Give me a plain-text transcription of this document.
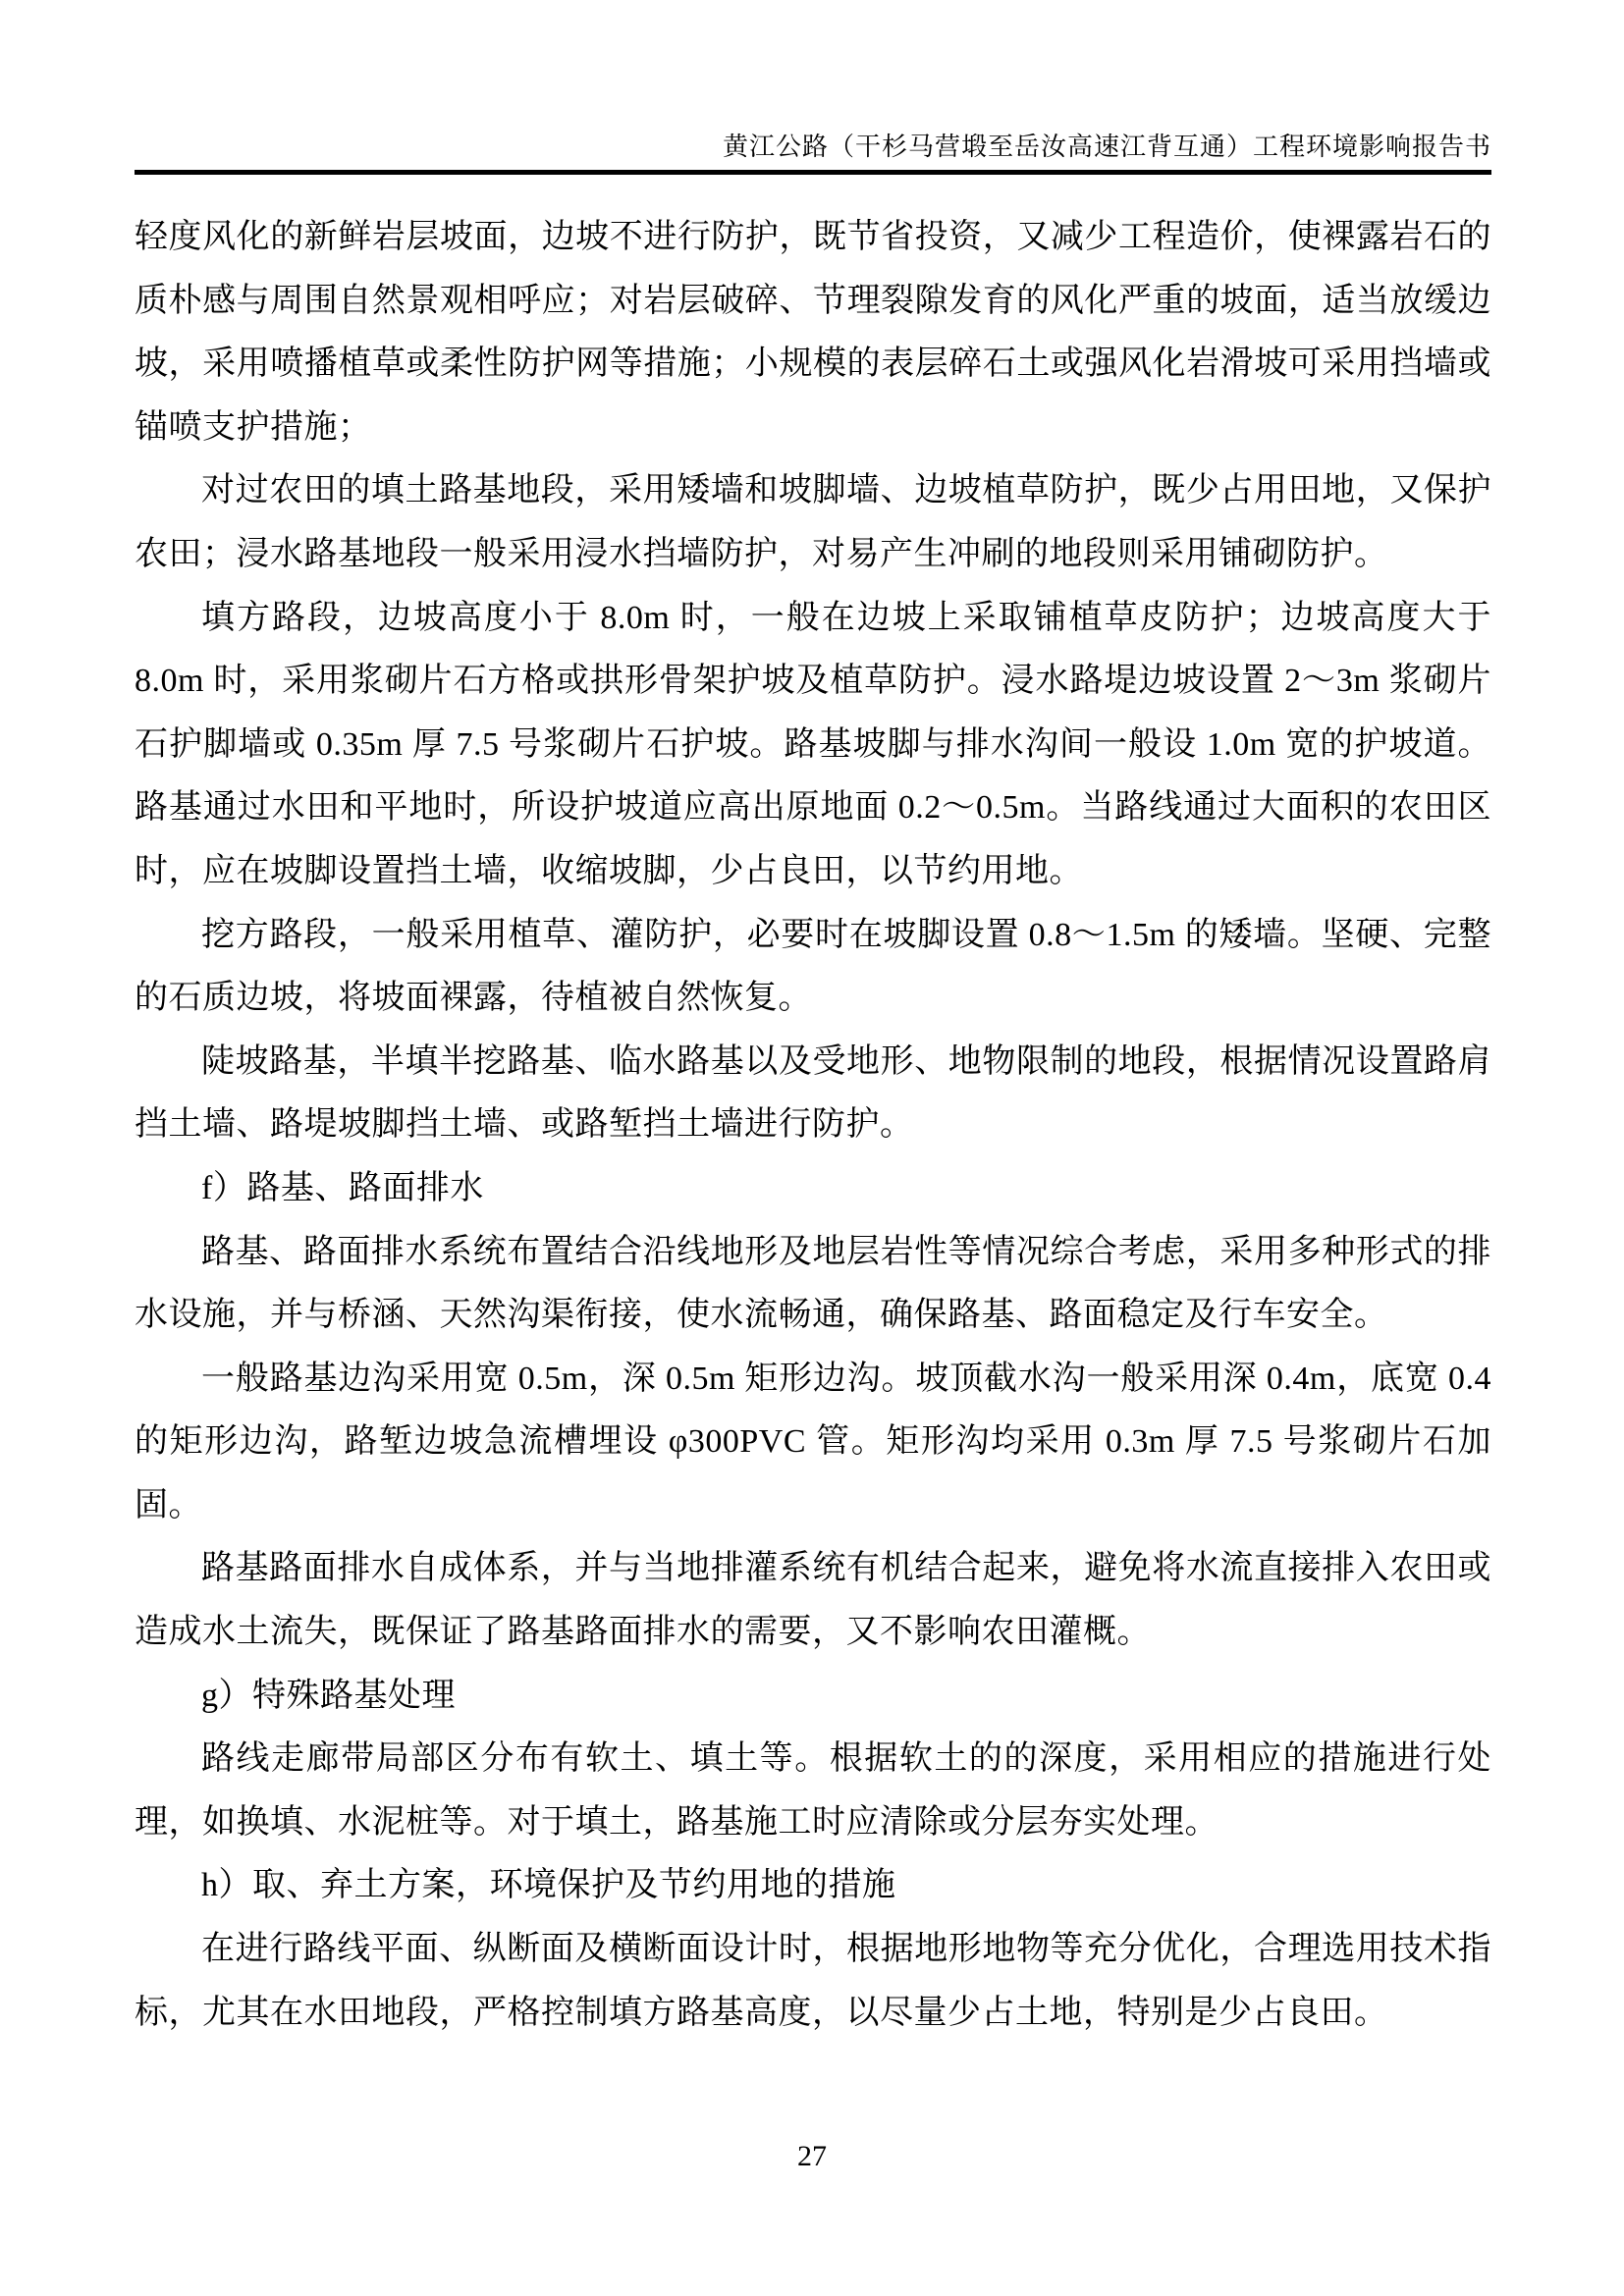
黄江公路（干杉马营塅至岳汝高速江背互通）工程环境影响报告书

轻度风化的新鲜岩层坡面，边坡不进行防护，既节省投资，又减少工程造价，使裸露岩石的质朴感与周围自然景观相呼应；对岩层破碎、节理裂隙发育的风化严重的坡面，适当放缓边坡，采用喷播植草或柔性防护网等措施；小规模的表层碎石土或强风化岩滑坡可采用挡墙或锚喷支护措施；

对过农田的填土路基地段，采用矮墙和坡脚墙、边坡植草防护，既少占用田地，又保护农田；浸水路基地段一般采用浸水挡墙防护，对易产生冲刷的地段则采用铺砌防护。

填方路段，边坡高度小于 8.0m 时，一般在边坡上采取铺植草皮防护；边坡高度大于 8.0m 时，采用浆砌片石方格或拱形骨架护坡及植草防护。浸水路堤边坡设置 2～3m 浆砌片石护脚墙或 0.35m 厚 7.5 号浆砌片石护坡。路基坡脚与排水沟间一般设 1.0m 宽的护坡道。路基通过水田和平地时，所设护坡道应高出原地面 0.2～0.5m。当路线通过大面积的农田区时，应在坡脚设置挡土墙，收缩坡脚，少占良田，以节约用地。

挖方路段，一般采用植草、灌防护，必要时在坡脚设置 0.8～1.5m 的矮墙。坚硬、完整的石质边坡，将坡面裸露，待植被自然恢复。

陡坡路基，半填半挖路基、临水路基以及受地形、地物限制的地段，根据情况设置路肩挡土墙、路堤坡脚挡土墙、或路堑挡土墙进行防护。

f）路基、路面排水

路基、路面排水系统布置结合沿线地形及地层岩性等情况综合考虑，采用多种形式的排水设施，并与桥涵、天然沟渠衔接，使水流畅通，确保路基、路面稳定及行车安全。

一般路基边沟采用宽 0.5m，深 0.5m 矩形边沟。坡顶截水沟一般采用深 0.4m，底宽 0.4 的矩形边沟，路堑边坡急流槽埋设 φ300PVC 管。矩形沟均采用 0.3m 厚 7.5 号浆砌片石加固。

路基路面排水自成体系，并与当地排灌系统有机结合起来，避免将水流直接排入农田或造成水土流失，既保证了路基路面排水的需要，又不影响农田灌概。

g）特殊路基处理

路线走廊带局部区分布有软土、填土等。根据软土的的深度，采用相应的措施进行处理，如换填、水泥桩等。对于填土，路基施工时应清除或分层夯实处理。

h）取、弃土方案，环境保护及节约用地的措施

在进行路线平面、纵断面及横断面设计时，根据地形地物等充分优化，合理选用技术指标，尤其在水田地段，严格控制填方路基高度，以尽量少占土地，特别是少占良田。

27
